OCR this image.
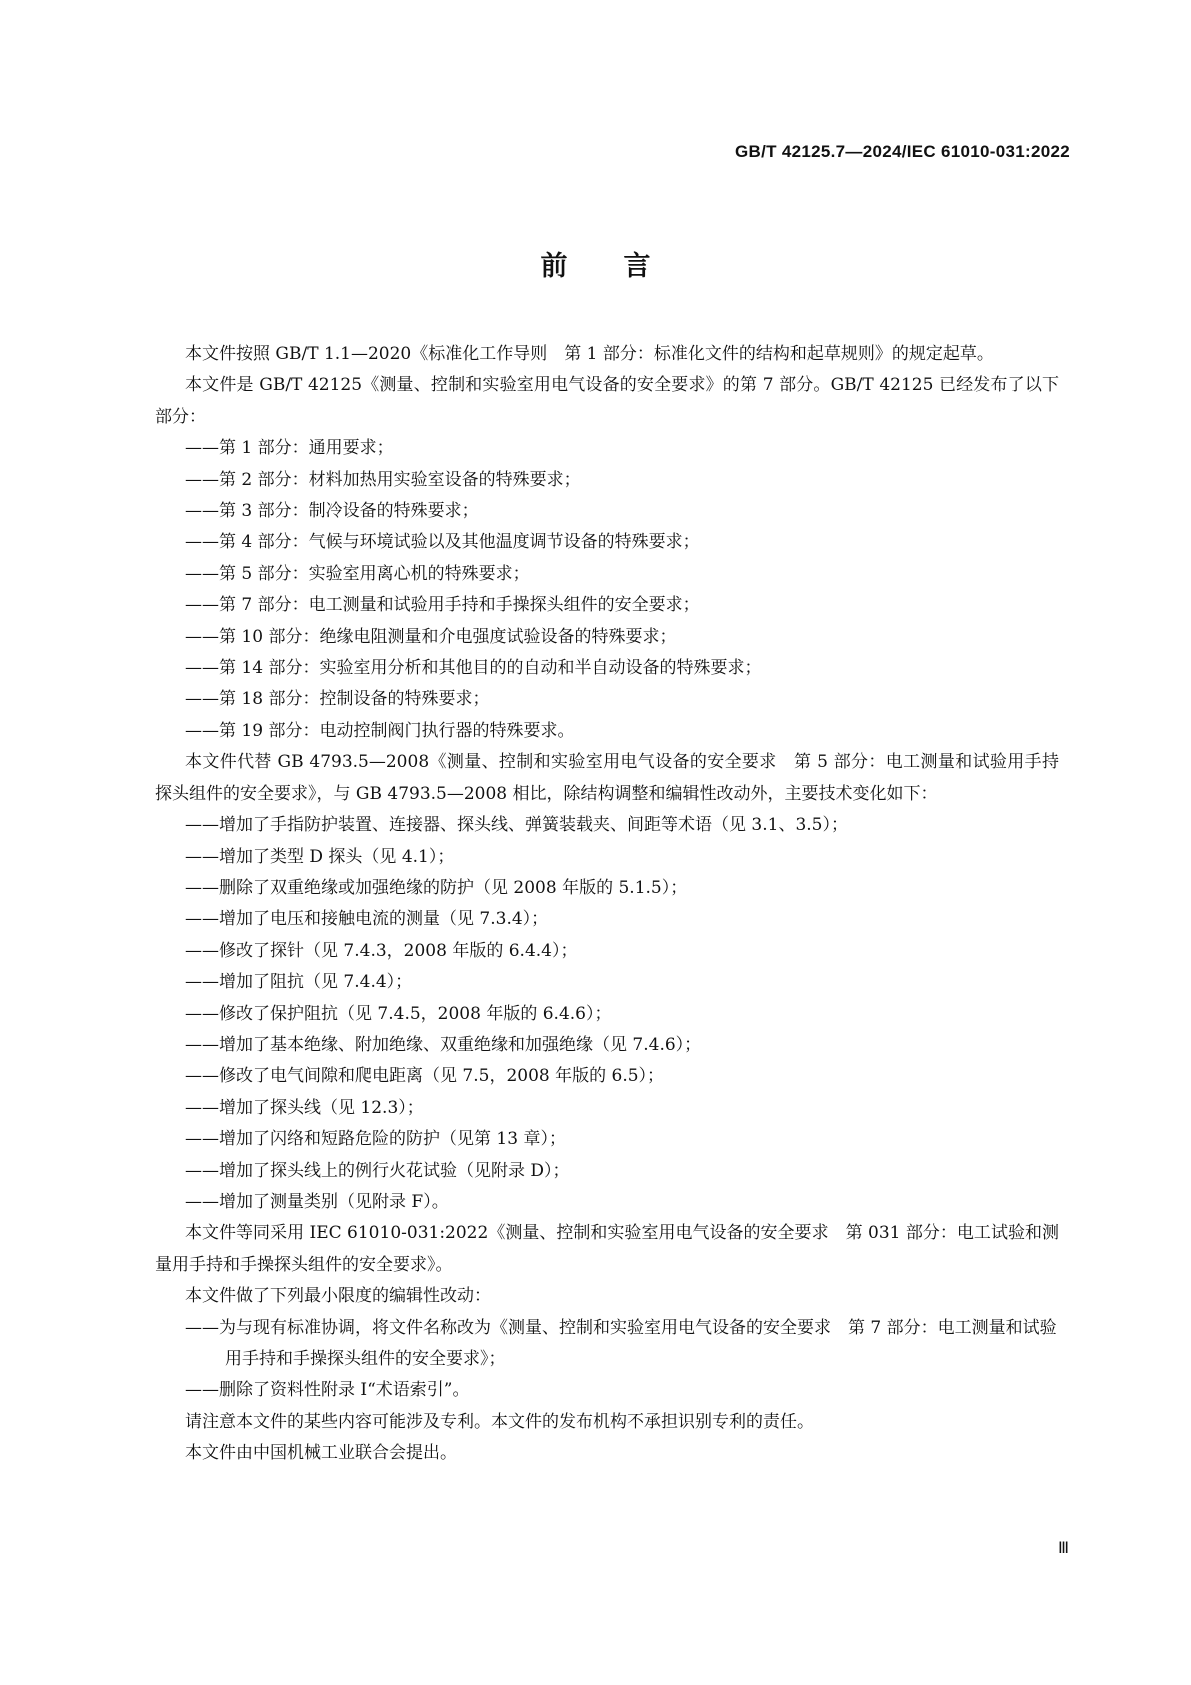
GB/T 42125.7—2024/IEC 61010-031:2022
前言
本文件按照 GB/T 1.1—2020《标准化工作导则　第 1 部分：标准化文件的结构和起草规则》的规定起草。
本文件是 GB/T 42125《测量、控制和实验室用电气设备的安全要求》的第 7 部分。GB/T 42125 已经发布了以下部分：
——第 1 部分：通用要求；
——第 2 部分：材料加热用实验室设备的特殊要求；
——第 3 部分：制冷设备的特殊要求；
——第 4 部分：气候与环境试验以及其他温度调节设备的特殊要求；
——第 5 部分：实验室用离心机的特殊要求；
——第 7 部分：电工测量和试验用手持和手操探头组件的安全要求；
——第 10 部分：绝缘电阻测量和介电强度试验设备的特殊要求；
——第 14 部分：实验室用分析和其他目的的自动和半自动设备的特殊要求；
——第 18 部分：控制设备的特殊要求；
——第 19 部分：电动控制阀门执行器的特殊要求。
本文件代替 GB 4793.5—2008《测量、控制和实验室用电气设备的安全要求　第 5 部分：电工测量和试验用手持探头组件的安全要求》，与 GB 4793.5—2008 相比，除结构调整和编辑性改动外，主要技术变化如下：
——增加了手指防护装置、连接器、探头线、弹簧装载夹、间距等术语（见 3.1、3.5）；
——增加了类型 D 探头（见 4.1）；
——删除了双重绝缘或加强绝缘的防护（见 2008 年版的 5.1.5）；
——增加了电压和接触电流的测量（见 7.3.4）；
——修改了探针（见 7.4.3，2008 年版的 6.4.4）；
——增加了阻抗（见 7.4.4）；
——修改了保护阻抗（见 7.4.5，2008 年版的 6.4.6）；
——增加了基本绝缘、附加绝缘、双重绝缘和加强绝缘（见 7.4.6）；
——修改了电气间隙和爬电距离（见 7.5，2008 年版的 6.5）；
——增加了探头线（见 12.3）；
——增加了闪络和短路危险的防护（见第 13 章）；
——增加了探头线上的例行火花试验（见附录 D）；
——增加了测量类别（见附录 F）。
本文件等同采用 IEC 61010-031:2022《测量、控制和实验室用电气设备的安全要求　第 031 部分：电工试验和测量用手持和手操探头组件的安全要求》。
本文件做了下列最小限度的编辑性改动：
——为与现有标准协调，将文件名称改为《测量、控制和实验室用电气设备的安全要求　第 7 部分：电工测量和试验用手持和手操探头组件的安全要求》；
——删除了资料性附录 I“术语索引”。
请注意本文件的某些内容可能涉及专利。本文件的发布机构不承担识别专利的责任。
本文件由中国机械工业联合会提出。
Ⅲ
